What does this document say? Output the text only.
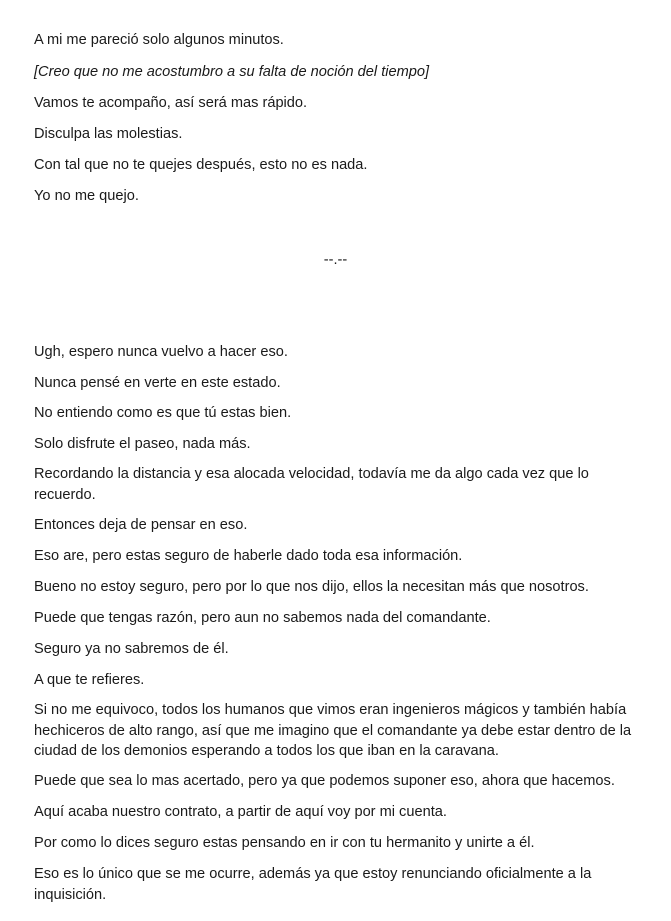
A mi me pareció solo algunos minutos.

[Creo que no me acostumbro a su falta de noción del tiempo]

Vamos te acompaño, así será mas rápido.

Disculpa las molestias.

Con tal que no te quejes después, esto no es nada.

Yo no me quejo.

--.--

Ugh, espero nunca vuelvo a hacer eso.

Nunca pensé en verte en este estado.

No entiendo como es que tú estas bien.

Solo disfrute el paseo, nada más.

Recordando la distancia y esa alocada velocidad, todavía me da algo cada vez que lo recuerdo.

Entonces deja de pensar en eso.

Eso are, pero estas seguro de haberle dado toda esa información.

Bueno no estoy seguro, pero por lo que nos dijo, ellos la necesitan más que nosotros.

Puede que tengas razón, pero aun no sabemos nada del comandante.

Seguro ya no sabremos de él.

A que te refieres.

Si no me equivoco, todos los humanos que vimos eran ingenieros mágicos y también había hechiceros de alto rango, así que me imagino que el comandante ya debe estar dentro de la ciudad de los demonios esperando a todos los que iban en la caravana.

Puede que sea lo mas acertado, pero ya que podemos suponer eso, ahora que hacemos.

Aquí acaba nuestro contrato, a partir de aquí voy por mi cuenta.

Por como lo dices seguro estas pensando en ir con tu hermanito y unirte a él.

Eso es lo único que se me ocurre, además ya que estoy renunciando oficialmente a la inquisición.
